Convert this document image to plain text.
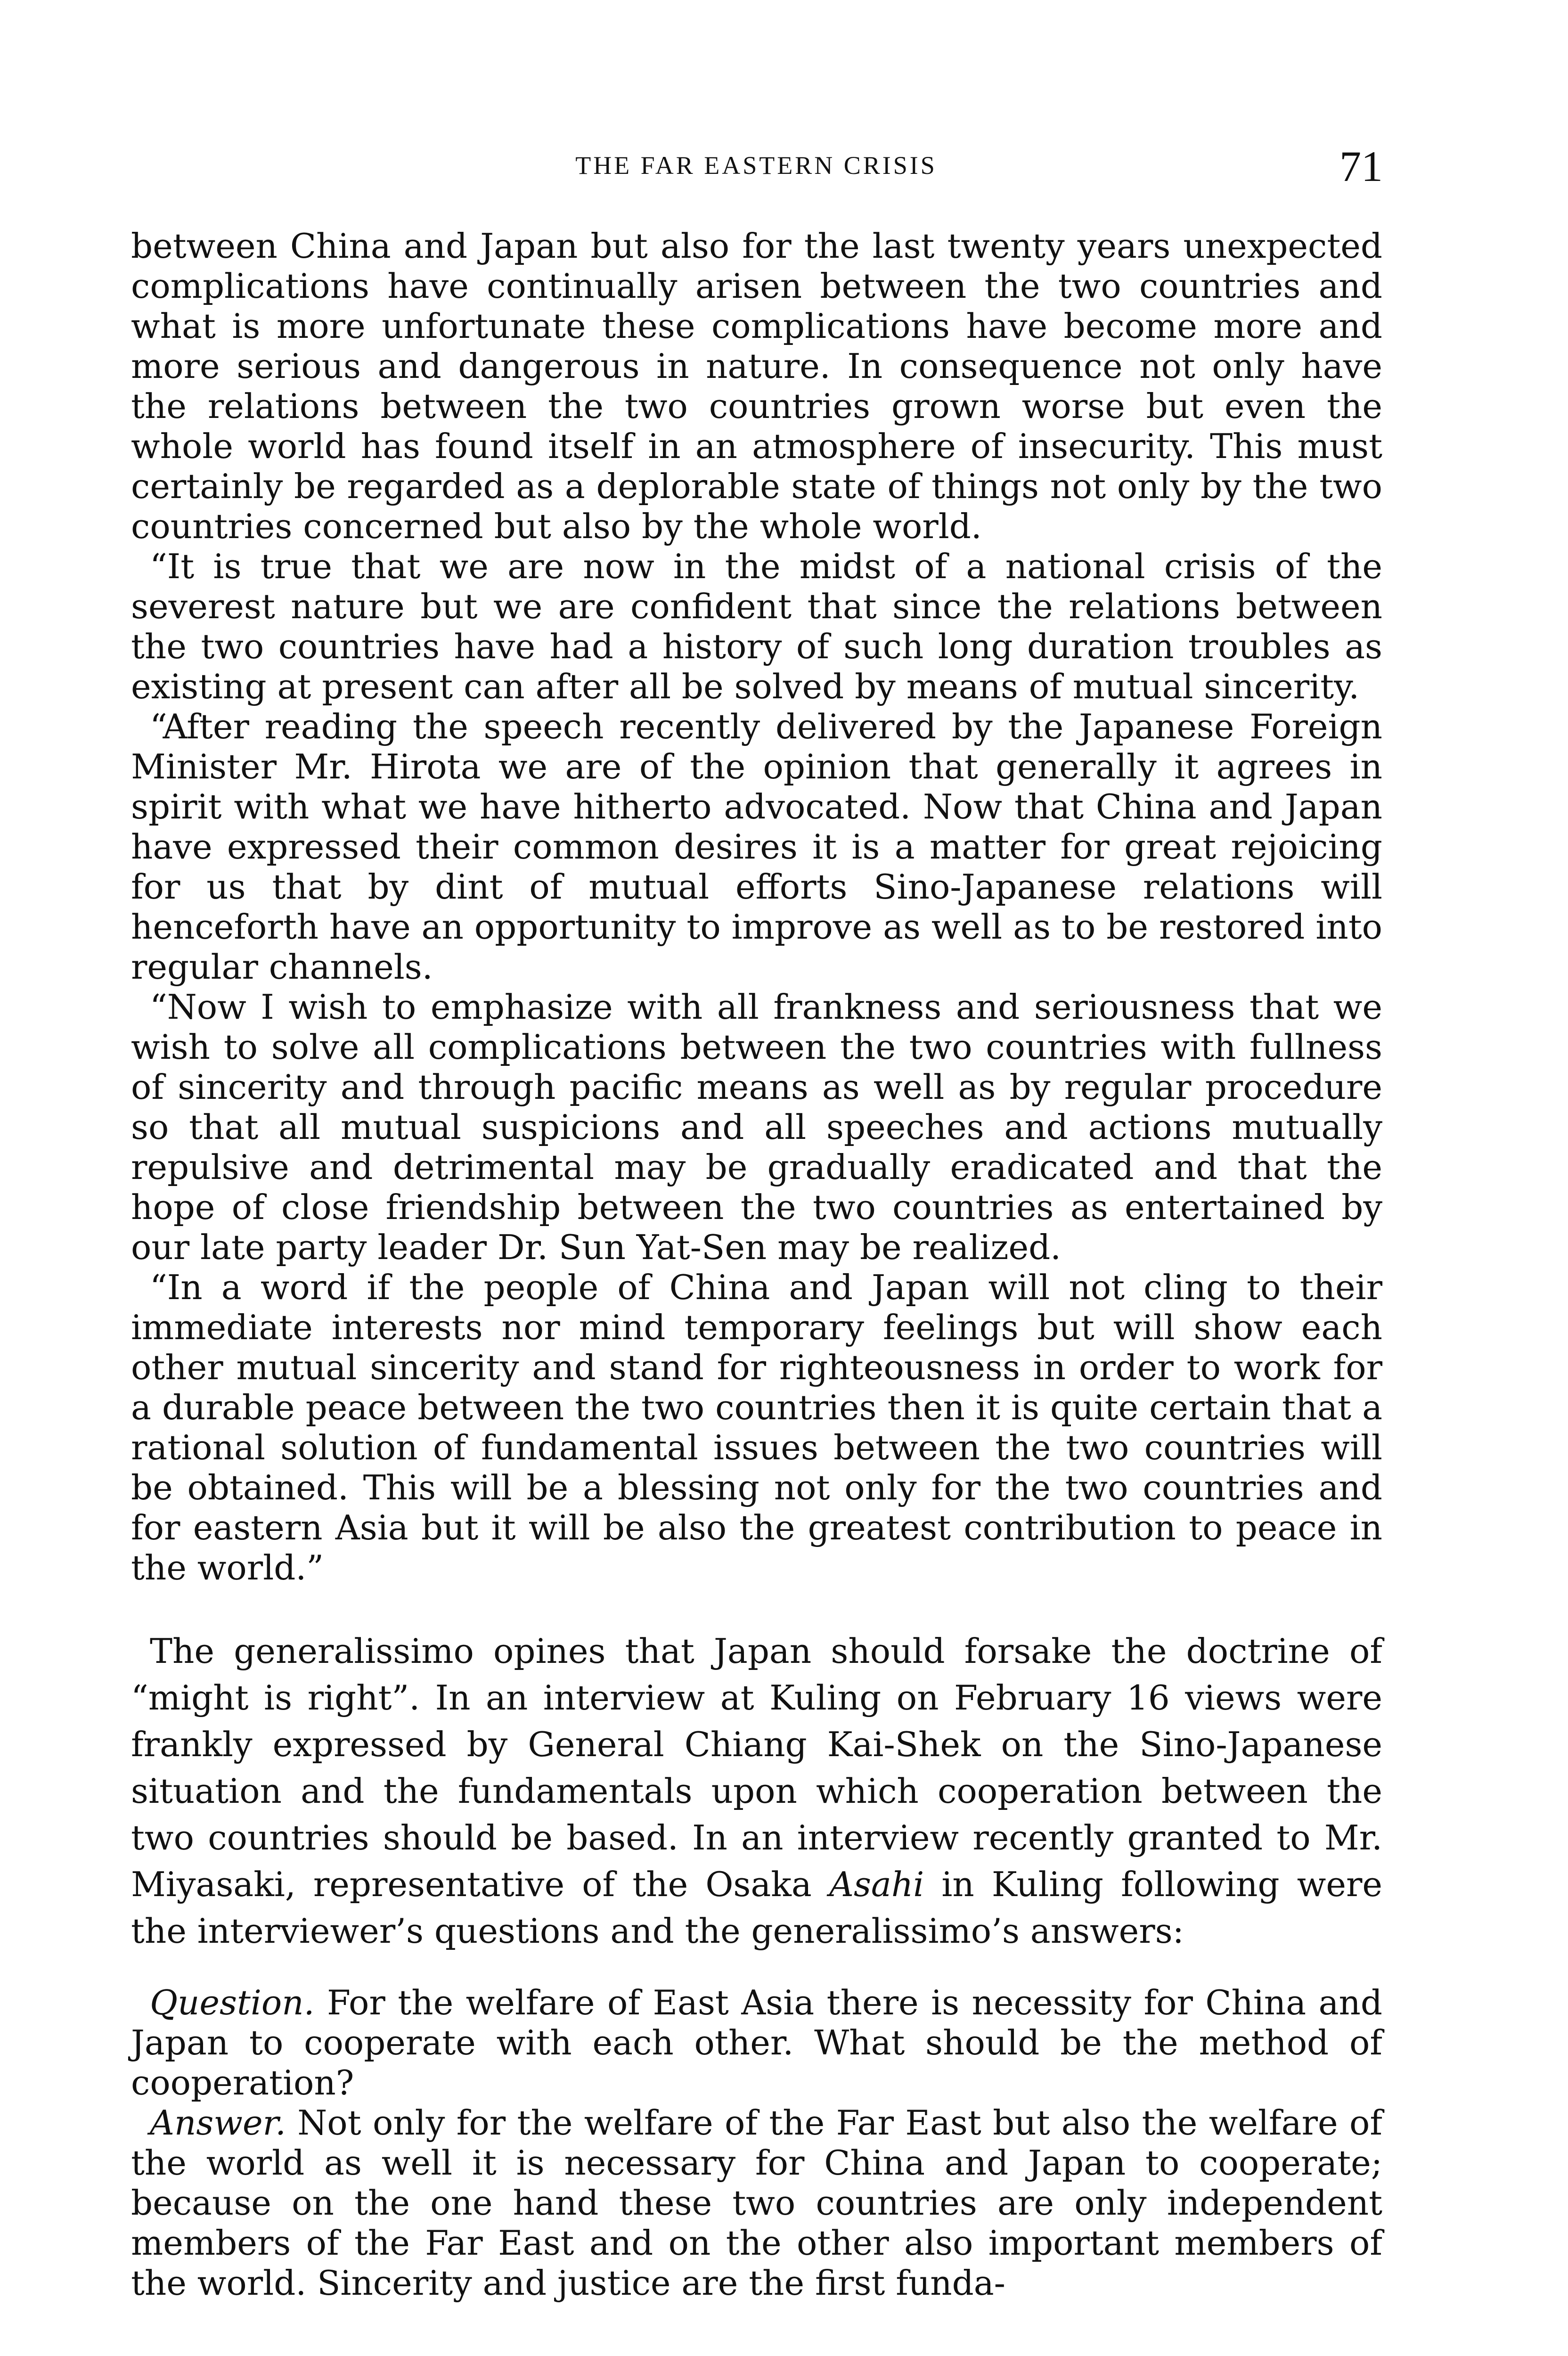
THE FAR EASTERN CRISIS	71

between China and Japan but also for the last twenty years unexpected complications have continually arisen between the two countries and what is more unfortunate these complications have become more and more serious and dangerous in nature. In consequence not only have the relations between the two countries grown worse but even the whole world has found itself in an atmosphere of insecurity. This must certainly be regarded as a deplorable state of things not only by the two countries concerned but also by the whole world.

“It is true that we are now in the midst of a national crisis of the severest nature but we are confident that since the relations between the two countries have had a history of such long duration troubles as existing at present can after all be solved by means of mutual sincerity.

“After reading the speech recently delivered by the Japanese Foreign Minister Mr. Hirota we are of the opinion that generally it agrees in spirit with what we have hitherto advocated. Now that China and Japan have expressed their common desires it is a matter for great rejoicing for us that by dint of mutual efforts Sino-Japanese relations will henceforth have an opportunity to improve as well as to be restored into regular channels.

“Now I wish to emphasize with all frankness and seriousness that we wish to solve all complications between the two countries with fullness of sincerity and through pacific means as well as by regular procedure so that all mutual suspicions and all speeches and actions mutually repulsive and detrimental may be gradually eradicated and that the hope of close friendship between the two countries as entertained by our late party leader Dr. Sun Yat-Sen may be realized.

“In a word if the people of China and Japan will not cling to their immediate interests nor mind temporary feelings but will show each other mutual sincerity and stand for righteousness in order to work for a durable peace between the two countries then it is quite certain that a rational solution of fundamental issues between the two countries will be obtained. This will be a blessing not only for the two countries and for eastern Asia but it will be also the greatest contribution to peace in the world.”

The generalissimo opines that Japan should forsake the doctrine of “might is right”. In an interview at Kuling on February 16 views were frankly expressed by General Chiang Kai-Shek on the Sino-Japanese situation and the fundamentals upon which cooperation between the two countries should be based. In an interview recently granted to Mr. Miyasaki, representative of the Osaka Asahi in Kuling following were the interviewer’s questions and the generalissimo’s answers:

Question. For the welfare of East Asia there is necessity for China and Japan to cooperate with each other. What should be the method of cooperation?

Answer. Not only for the welfare of the Far East but also the welfare of the world as well it is necessary for China and Japan to cooperate; because on the one hand these two countries are only independent members of the Far East and on the other also important members of the world. Sincerity and justice are the first funda-
